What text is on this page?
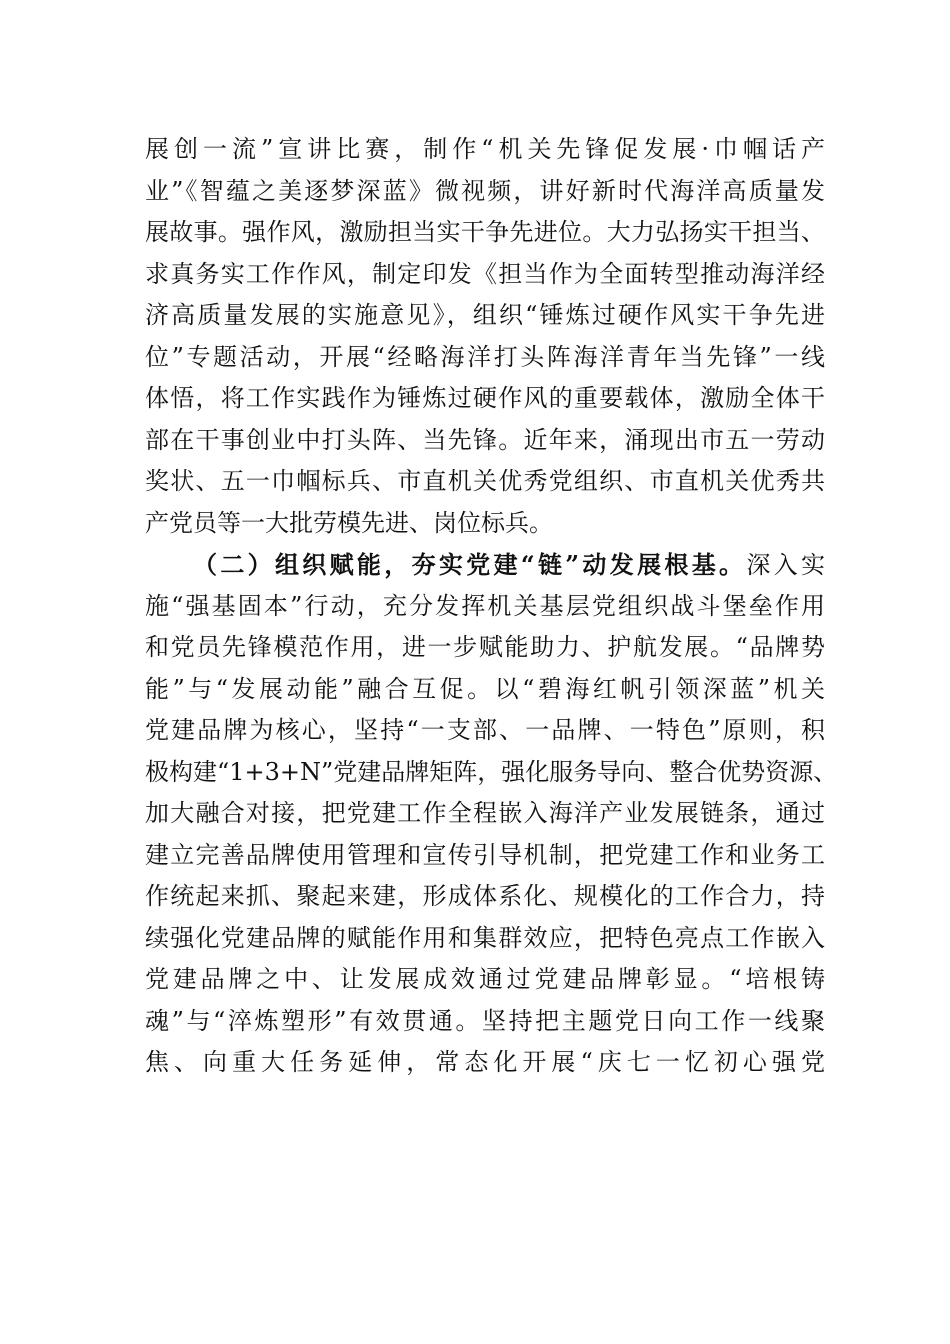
展创一流”宣讲比赛，制作“机关先锋促发展·巾帼话产
业”《智蕴之美逐梦深蓝》微视频，讲好新时代海洋高质量发
展故事。强作风，激励担当实干争先进位。大力弘扬实干担当、
求真务实工作作风，制定印发《担当作为全面转型推动海洋经
济高质量发展的实施意见》，组织“锤炼过硬作风实干争先进
位”专题活动，开展“经略海洋打头阵海洋青年当先锋”一线
体悟，将工作实践作为锤炼过硬作风的重要载体，激励全体干
部在干事创业中打头阵、当先锋。近年来，涌现出市五一劳动
奖状、五一巾帼标兵、市直机关优秀党组织、市直机关优秀共
产党员等一大批劳模先进、岗位标兵。
（二）组织赋能，夯实党建“链”动发展根基。深入实
施“强基固本”行动，充分发挥机关基层党组织战斗堡垒作用
和党员先锋模范作用，进一步赋能助力、护航发展。“品牌势
能”与“发展动能”融合互促。以“碧海红帆引领深蓝”机关
党建品牌为核心，坚持“一支部、一品牌、一特色”原则，积
极构建“1+3+N”党建品牌矩阵，强化服务导向、整合优势资源、
加大融合对接，把党建工作全程嵌入海洋产业发展链条，通过
建立完善品牌使用管理和宣传引导机制，把党建工作和业务工
作统起来抓、聚起来建，形成体系化、规模化的工作合力，持
续强化党建品牌的赋能作用和集群效应，把特色亮点工作嵌入
党建品牌之中、让发展成效通过党建品牌彰显。“培根铸
魂”与“淬炼塑形”有效贯通。坚持把主题党日向工作一线聚
焦、向重大任务延伸，常态化开展“庆七一忆初心强党
